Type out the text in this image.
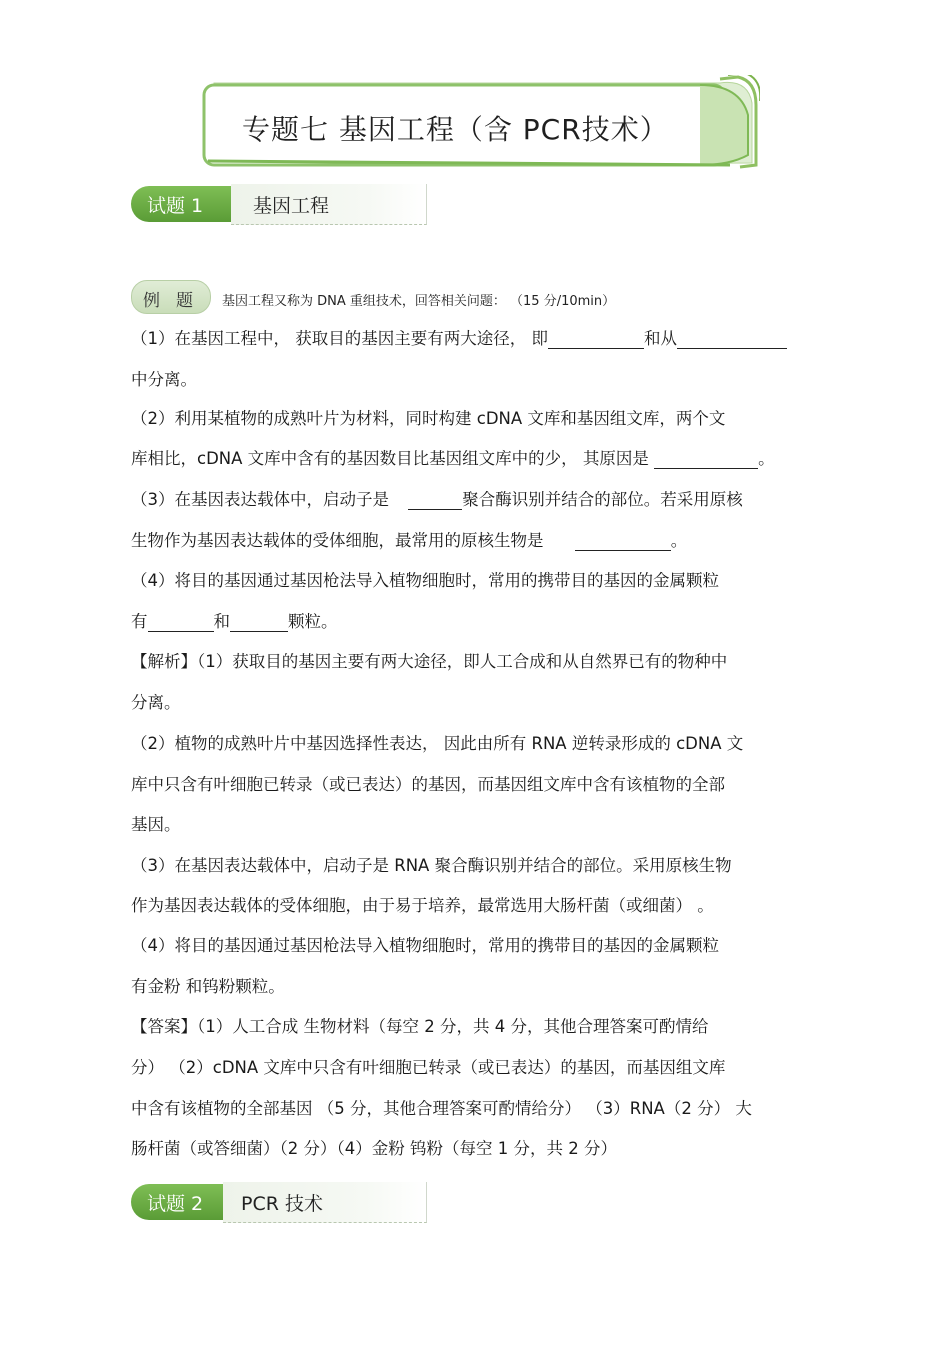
专题七 基因工程（含 PCR技术）
试题 1	基因工程
例题 基因工程又称为 DNA 重组技术，回答相关问题： （15 分/10min）
（1）在基因工程中， 获取目的基因主要有两大途径， 即	和从
中分离。
（2）利用某植物的成熟叶片为材料，同时构建 cDNA 文库和基因组文库，两个文
库相比，cDNA 文库中含有的基因数目比基因组文库中的少， 其原因是	。
（3）在基因表达载体中，启动子是	聚合酶识别并结合的部位。若采用原核
生物作为基因表达载体的受体细胞，最常用的原核生物是	。
（4）将目的基因通过基因枪法导入植物细胞时，常用的携带目的基因的金属颗粒
有	和	颗粒。
【解析】（1）获取目的基因主要有两大途径，即人工合成和从自然界已有的物种中
分离。
（2）植物的成熟叶片中基因选择性表达， 因此由所有 RNA 逆转录形成的 cDNA 文
库中只含有叶细胞已转录（或已表达）的基因，而基因组文库中含有该植物的全部
基因。
（3）在基因表达载体中，启动子是 RNA 聚合酶识别并结合的部位。采用原核生物
作为基因表达载体的受体细胞，由于易于培养，最常选用大肠杆菌（或细菌） 。
（4）将目的基因通过基因枪法导入植物细胞时，常用的携带目的基因的金属颗粒
有金粉 和钨粉颗粒。
【答案】（1）人工合成 生物材料（每空 2 分，共 4 分，其他合理答案可酌情给
分） （2）cDNA 文库中只含有叶细胞已转录（或已表达）的基因，而基因组文库
中含有该植物的全部基因 （5 分，其他合理答案可酌情给分） （3）RNA（2 分） 大
肠杆菌（或答细菌）（2 分）（4）金粉 钨粉（每空 1 分，共 2 分）
试题 2 PCR 技术
